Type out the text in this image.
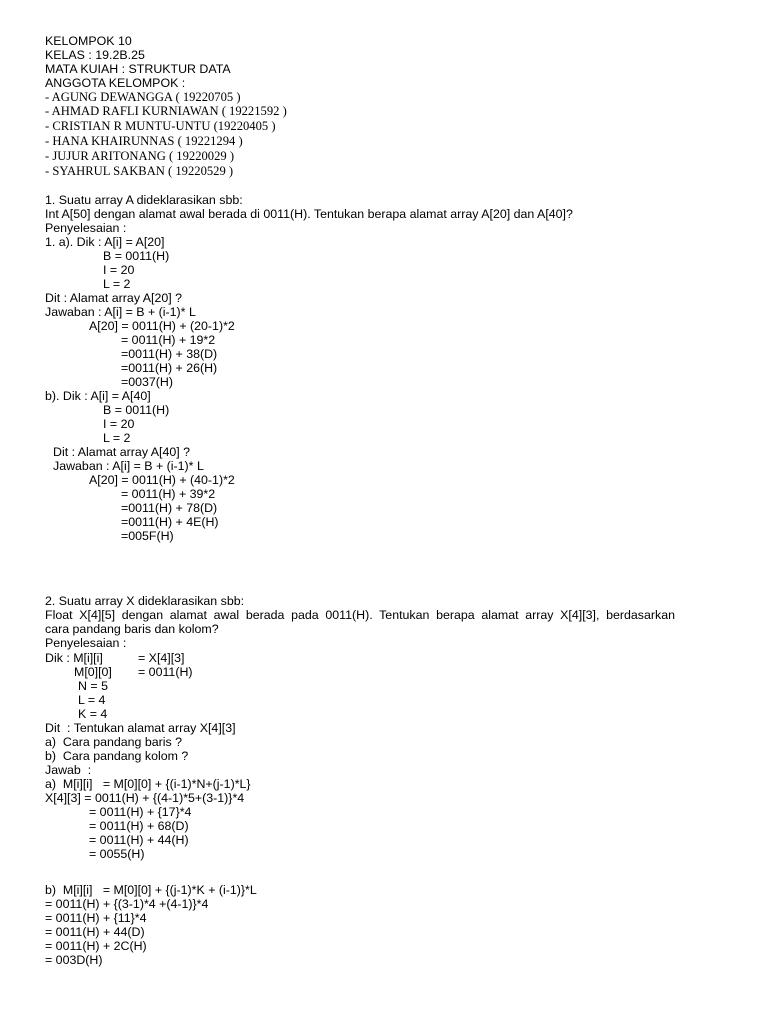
KELOMPOK 10
KELAS : 19.2B.25
MATA KUIAH : STRUKTUR DATA
ANGGOTA KELOMPOK :
- AGUNG DEWANGGA ( 19220705 )
- AHMAD RAFLI KURNIAWAN ( 19221592 )
- CRISTIAN R MUNTU-UNTU (19220405 )
- HANA KHAIRUNNAS ( 19221294 )
- JUJUR ARITONANG ( 19220029 )
- SYAHRUL SAKBAN ( 19220529 )
1. Suatu array A dideklarasikan sbb:
Int A[50] dengan alamat awal berada di 0011(H). Tentukan berapa alamat array A[20] dan A[40]?
Penyelesaian :
1. a). Dik : A[i] = A[20]
B = 0011(H)
I = 20
L = 2
Dit : Alamat array A[20] ?
Jawaban : A[i] = B + (i-1)* L
A[20] = 0011(H) + (20-1)*2
= 0011(H) + 19*2
=0011(H) + 38(D)
=0011(H) + 26(H)
=0037(H)
b). Dik : A[i] = A[40]
B = 0011(H)
I = 20
L = 2
Dit : Alamat array A[40] ?
Jawaban : A[i] = B + (i-1)* L
A[20] = 0011(H) + (40-1)*2
= 0011(H) + 39*2
=0011(H) + 78(D)
=0011(H) + 4E(H)
=005F(H)
2. Suatu array X dideklarasikan sbb:
Float X[4][5] dengan alamat awal berada pada 0011(H). Tentukan berapa alamat array X[4][3], berdasarkan
cara pandang baris dan kolom?
Penyelesaian :
Dik : M[i][i]	= X[4][3]
M[0][0] = 0011(H)
N = 5
L = 4
K = 4
Dit  : Tentukan alamat array X[4][3]
a)  Cara pandang baris ?
b)  Cara pandang kolom ?
Jawab  :
a)  M[i][i]   = M[0][0] + {(i-1)*N+(j-1)*L}
X[4][3] = 0011(H) + {(4-1)*5+(3-1)}*4
= 0011(H) + {17}*4
= 0011(H) + 68(D)
= 0011(H) + 44(H)
= 0055(H)
b)  M[i][i]   = M[0][0] + {(j-1)*K + (i-1)}*L
= 0011(H) + {(3-1)*4 +(4-1)}*4
= 0011(H) + {11}*4
= 0011(H) + 44(D)
= 0011(H) + 2C(H)
= 003D(H)
